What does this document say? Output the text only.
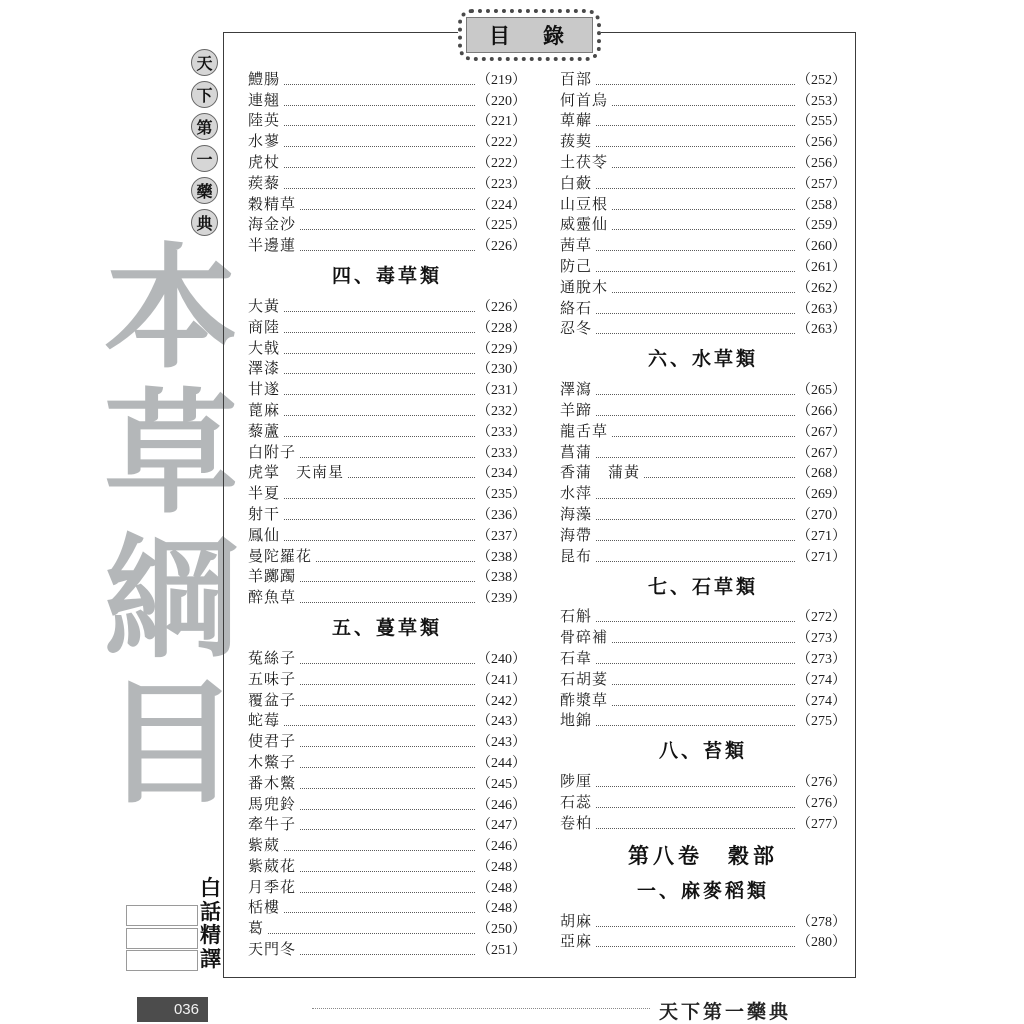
目　錄
天
下
第
一
藥
典
本
草
綱
目
白
話
精
譯
鱧腸	（219）
連翹	（220）
陸英	（221）
水蓼	（222）
虎杖	（222）
蒺藜	（223）
穀精草	（224）
海金沙	（225）
半邊蓮	（226）
四、毒草類
大黃	（226）
商陸	（228）
大戟	（229）
澤漆	（230）
甘遂	（231）
蓖麻	（232）
藜蘆	（233）
白附子	（233）
虎掌　天南星	（234）
半夏	（235）
射干	（236）
鳳仙	（237）
曼陀羅花	（238）
羊躑躅	（238）
醉魚草	（239）
五、蔓草類
菟絲子	（240）
五味子	（241）
覆盆子	（242）
蛇莓	（243）
使君子	（243）
木鱉子	（244）
番木鱉	（245）
馬兜鈴	（246）
牽牛子	（247）
紫葳	（246）
紫葳花	（248）
月季花	（248）
栝樓	（248）
葛	（250）
天門冬	（251）
百部	（252）
何首烏	（253）
萆薢	（255）
菝葜	（256）
土茯苓	（256）
白蘞	（257）
山豆根	（258）
威靈仙	（259）
茜草	（260）
防己	（261）
通脫木	（262）
絡石	（263）
忍冬	（263）
六、水草類
澤瀉	（265）
羊蹄	（266）
龍舌草	（267）
菖蒲	（267）
香蒲　蒲黃	（268）
水萍	（269）
海藻	（270）
海帶	（271）
昆布	（271）
七、石草類
石斛	（272）
骨碎補	（273）
石韋	（273）
石胡荽	（274）
酢漿草	（274）
地錦	（275）
八、苔類
陟厘	（276）
石蕊	（276）
卷柏	（277）
第八卷　穀部
一、麻麥稻類
胡麻	（278）
亞麻	（280）
036	天下第一藥典
